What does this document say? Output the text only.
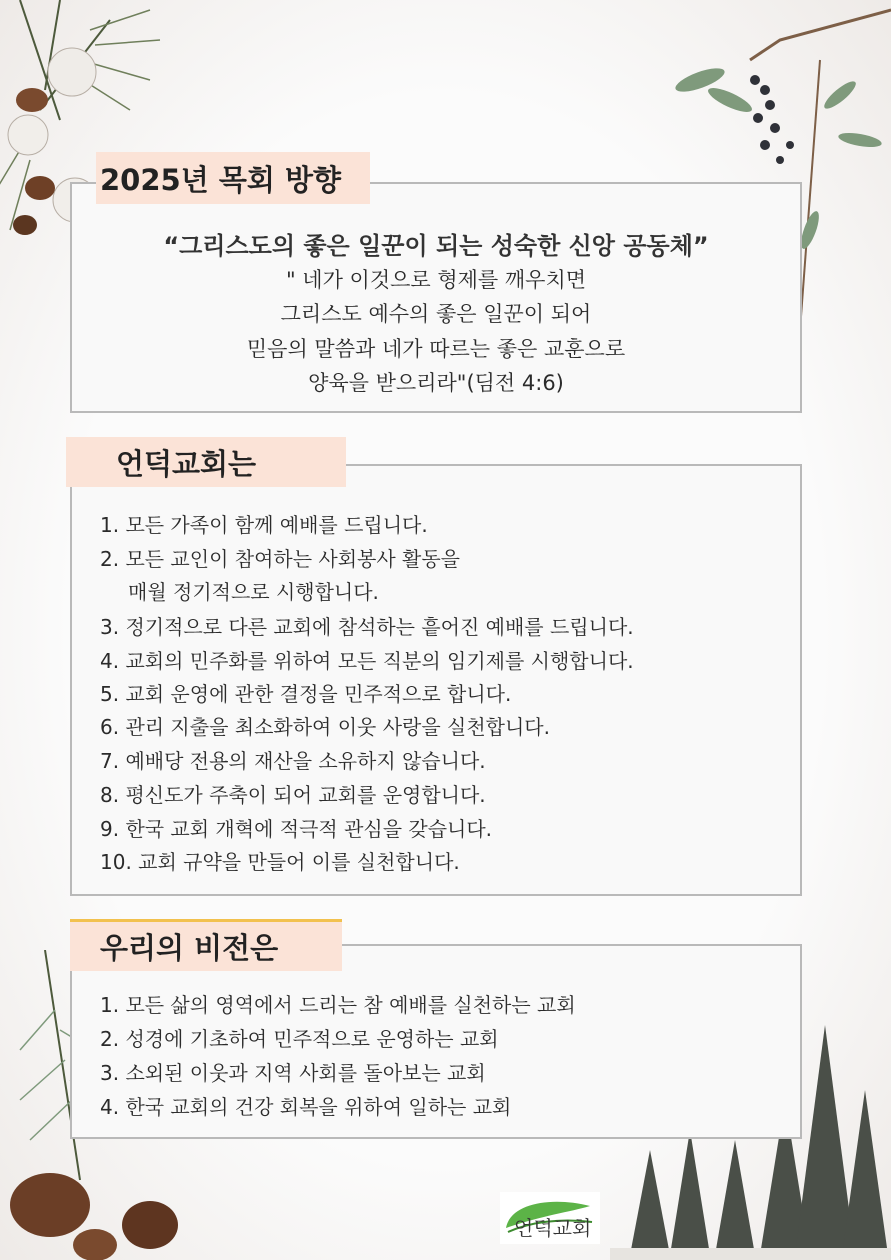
2025년 목회 방향
“그리스도의 좋은 일꾼이 되는 성숙한 신앙 공동체”
" 네가 이것으로 형제를 깨우치면
그리스도 예수의 좋은 일꾼이 되어
믿음의 말씀과 네가 따르는 좋은 교훈으로
양육을 받으리라"(딤전 4:6)
언덕교회는
1. 모든 가족이 함께 예배를 드립니다.
2. 모든 교인이 참여하는 사회봉사 활동을
매월 정기적으로 시행합니다.
3. 정기적으로 다른 교회에 참석하는 흩어진 예배를 드립니다.
4. 교회의 민주화를 위하여 모든 직분의 임기제를 시행합니다.
5. 교회 운영에 관한 결정을 민주적으로 합니다.
6. 관리 지출을 최소화하여 이웃 사랑을 실천합니다.
7. 예배당 전용의 재산을 소유하지 않습니다.
8. 평신도가 주축이 되어 교회를 운영합니다.
9. 한국 교회 개혁에 적극적 관심을 갖습니다.
10. 교회 규약을 만들어 이를 실천합니다.
우리의 비전은
1. 모든 삶의 영역에서 드리는 참 예배를 실천하는 교회
2. 성경에 기초하여 민주적으로 운영하는 교회
3. 소외된 이웃과 지역 사회를 돌아보는 교회
4. 한국 교회의 건강 회복을 위하여 일하는 교회
언덕교회
